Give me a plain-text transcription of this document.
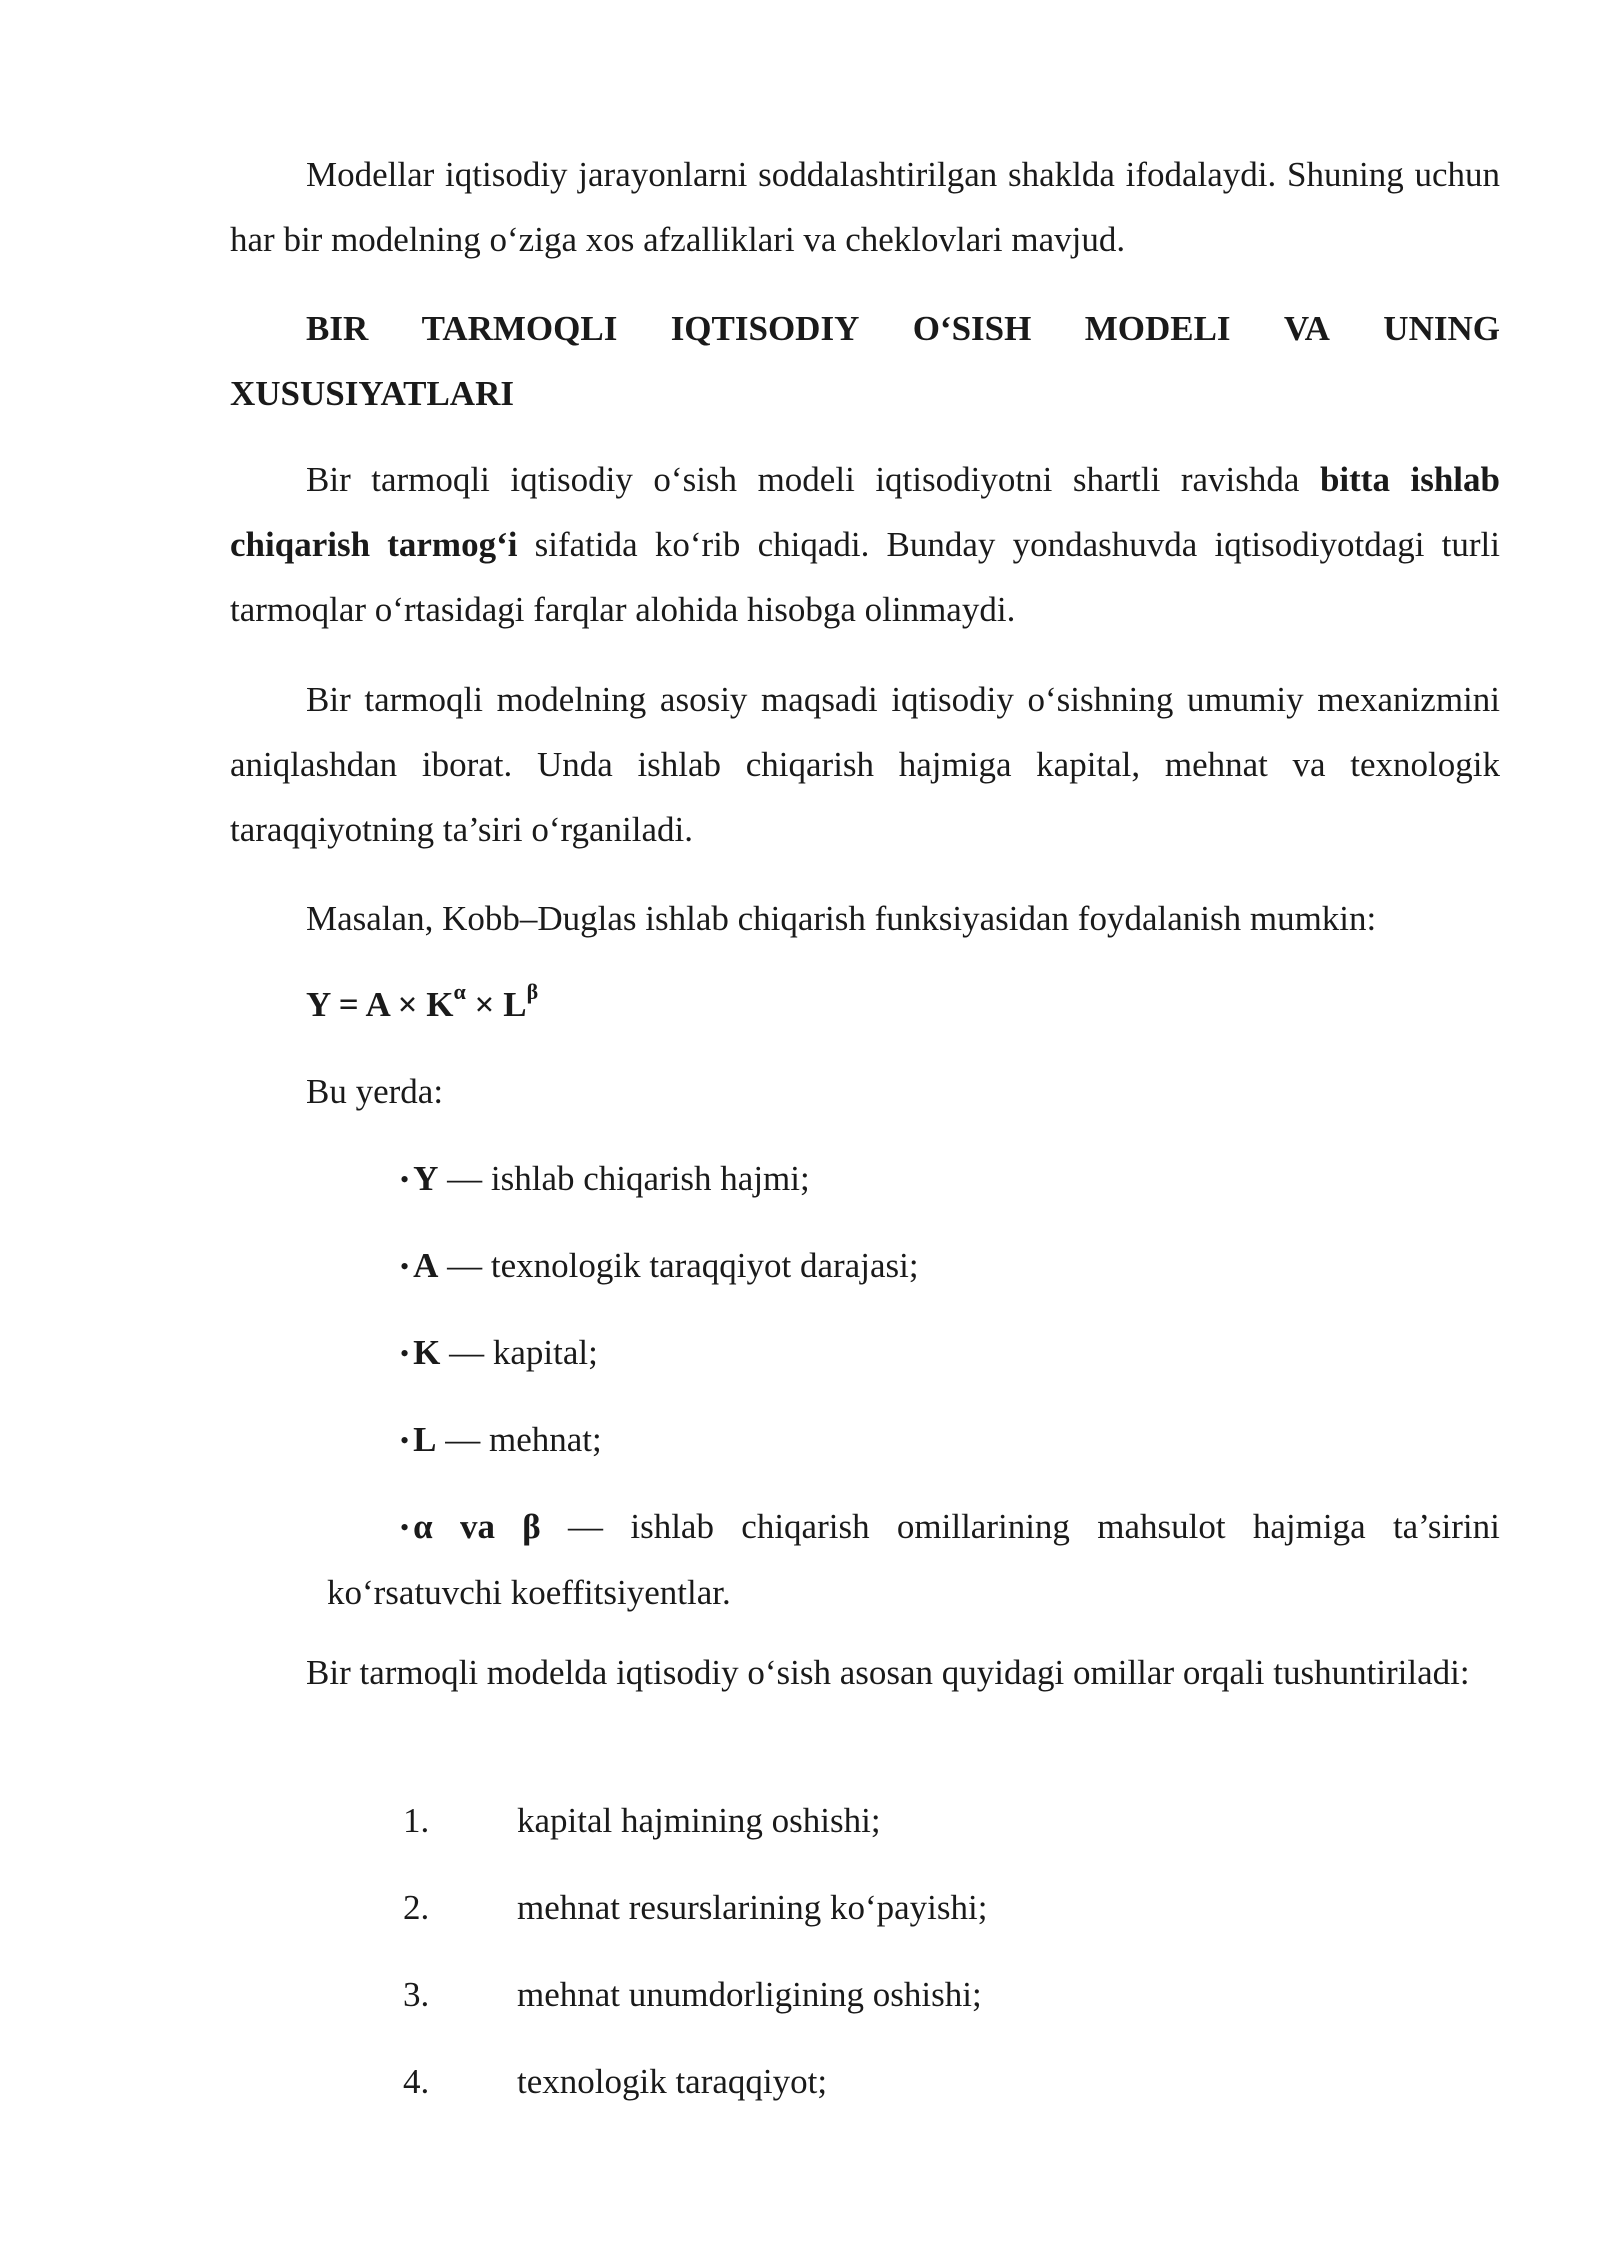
Modellar iqtisodiy jarayonlarni soddalashtirilgan shaklda ifodalaydi. Shuning uchun har bir modelning o‘ziga xos afzalliklari va cheklovlari mavjud.
BIR TARMOQLI IQTISODIY O‘SISH MODELI VA UNING
XUSUSIYATLARI
Bir tarmoqli iqtisodiy o‘sish modeli iqtisodiyotni shartli ravishda bitta ishlab chiqarish tarmog‘i sifatida ko‘rib chiqadi. Bunday yondashuvda iqtisodiyotdagi turli tarmoqlar o‘rtasidagi farqlar alohida hisobga olinmaydi.
Bir tarmoqli modelning asosiy maqsadi iqtisodiy o‘sishning umumiy mexanizmini aniqlashdan iborat. Unda ishlab chiqarish hajmiga kapital, mehnat va texnologik taraqqiyotning ta’siri o‘rganiladi.
Masalan, Kobb–Duglas ishlab chiqarish funksiyasidan foydalanish mumkin:
$Y = A \times K^\alpha \times L^\beta$
Bu yerda:
• Y — ishlab chiqarish hajmi;
• A — texnologik taraqqiyot darajasi;
• K — kapital;
• L — mehnat;
• α va β — ishlab chiqarish omillarining mahsulot hajmiga ta’sirini
ko‘rsatuvchi koeffitsiyentlar.
Bir tarmoqli modelda iqtisodiy o‘sish asosan quyidagi omillar orqali tushuntiriladi:
1.	kapital hajmining oshishi;
2.	mehnat resurslarining ko‘payishi;
3.	mehnat unumdorligining oshishi;
4.	texnologik taraqqiyot;
